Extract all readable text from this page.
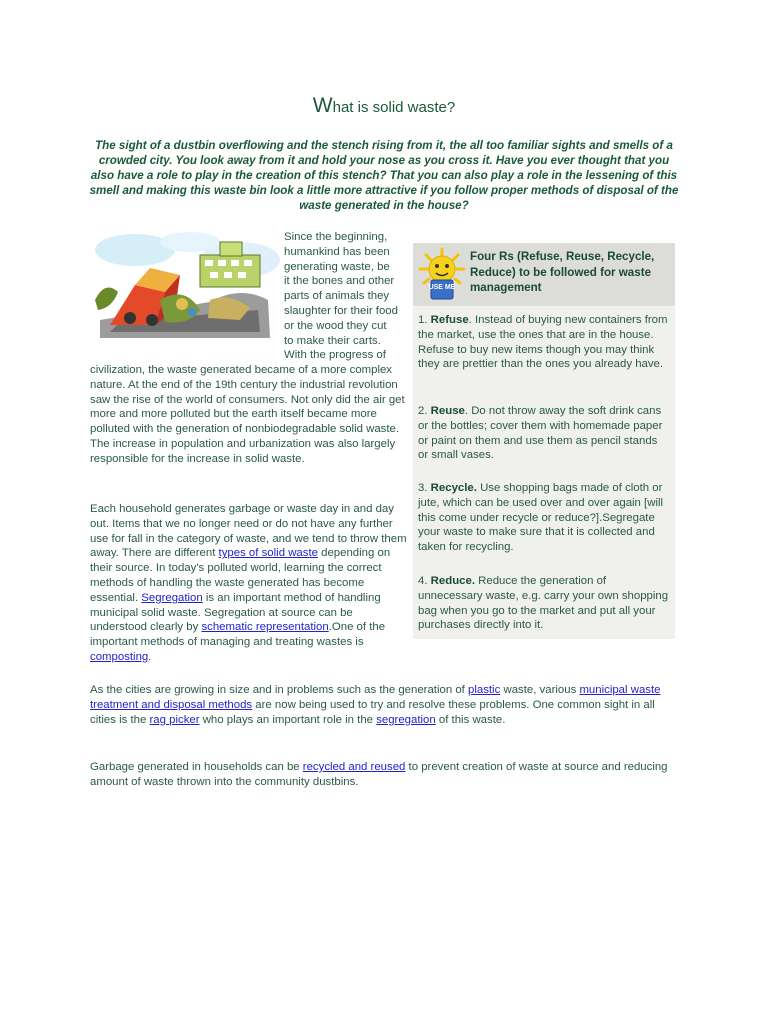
What is solid waste?
The sight of a dustbin overflowing and the stench rising from it, the all too familiar sights and smells of a crowded city. You look away from it and hold your nose as you cross it. Have you ever thought that you also have a role to play in the creation of this stench? That you can also play a role in the lessening of this smell and making this waste bin look a little more attractive if you follow proper methods of disposal of the waste generated in the house?
Since the beginning,
humankind has been
generating waste, be
it the bones and other
parts of animals they
slaughter for their food
or the wood they cut
to make their carts.
With the progress of
civilization, the waste generated became of a more complex nature. At the end of the 19th century the industrial revolution saw the rise of the world of consumers. Not only did the air get more and more polluted but the earth itself became more polluted with the generation of nonbiodegradable solid waste. The increase in population and urbanization was also largely responsible for the increase in solid waste.
Each household generates garbage or waste day in and day out. Items that we no longer need or do not have any further use for fall in the category of waste, and we tend to throw them away. There are different types of solid waste depending on their source. In today's polluted world, learning the correct methods of handling the waste generated has become essential. Segregation is an important method of handling municipal solid waste. Segregation at source can be understood clearly by schematic representation.One of the important methods of managing and treating wastes is composting.
1. Refuse. Instead of buying new containers from the market, use the ones that are in the house. Refuse to buy new items though you may think they are prettier than the ones you already have.
2. Reuse. Do not throw away the soft drink cans or the bottles; cover them with homemade paper or paint on them and use them as pencil stands or small vases.
3. Recycle. Use shopping bags made of cloth or jute, which can be used over and over again [will this come under recycle or reduce?].Segregate your waste to make sure that it is collected and taken for recycling.
4. Reduce. Reduce the generation of unnecessary waste, e.g. carry your own shopping bag when you go to the market and put all your purchases directly into it.
USE ME
Four Rs (Refuse, Reuse, Recycle, Reduce) to be followed for waste management
As the cities are growing in size and in problems such as the generation of plastic waste, various municipal waste treatment and disposal methods are now being used to try and resolve these problems. One common sight in all cities is the rag picker who plays an important role in the segregation of this waste.
Garbage generated in households can be recycled and reused to prevent creation of waste at source and reducing amount of waste thrown into the community dustbins.
